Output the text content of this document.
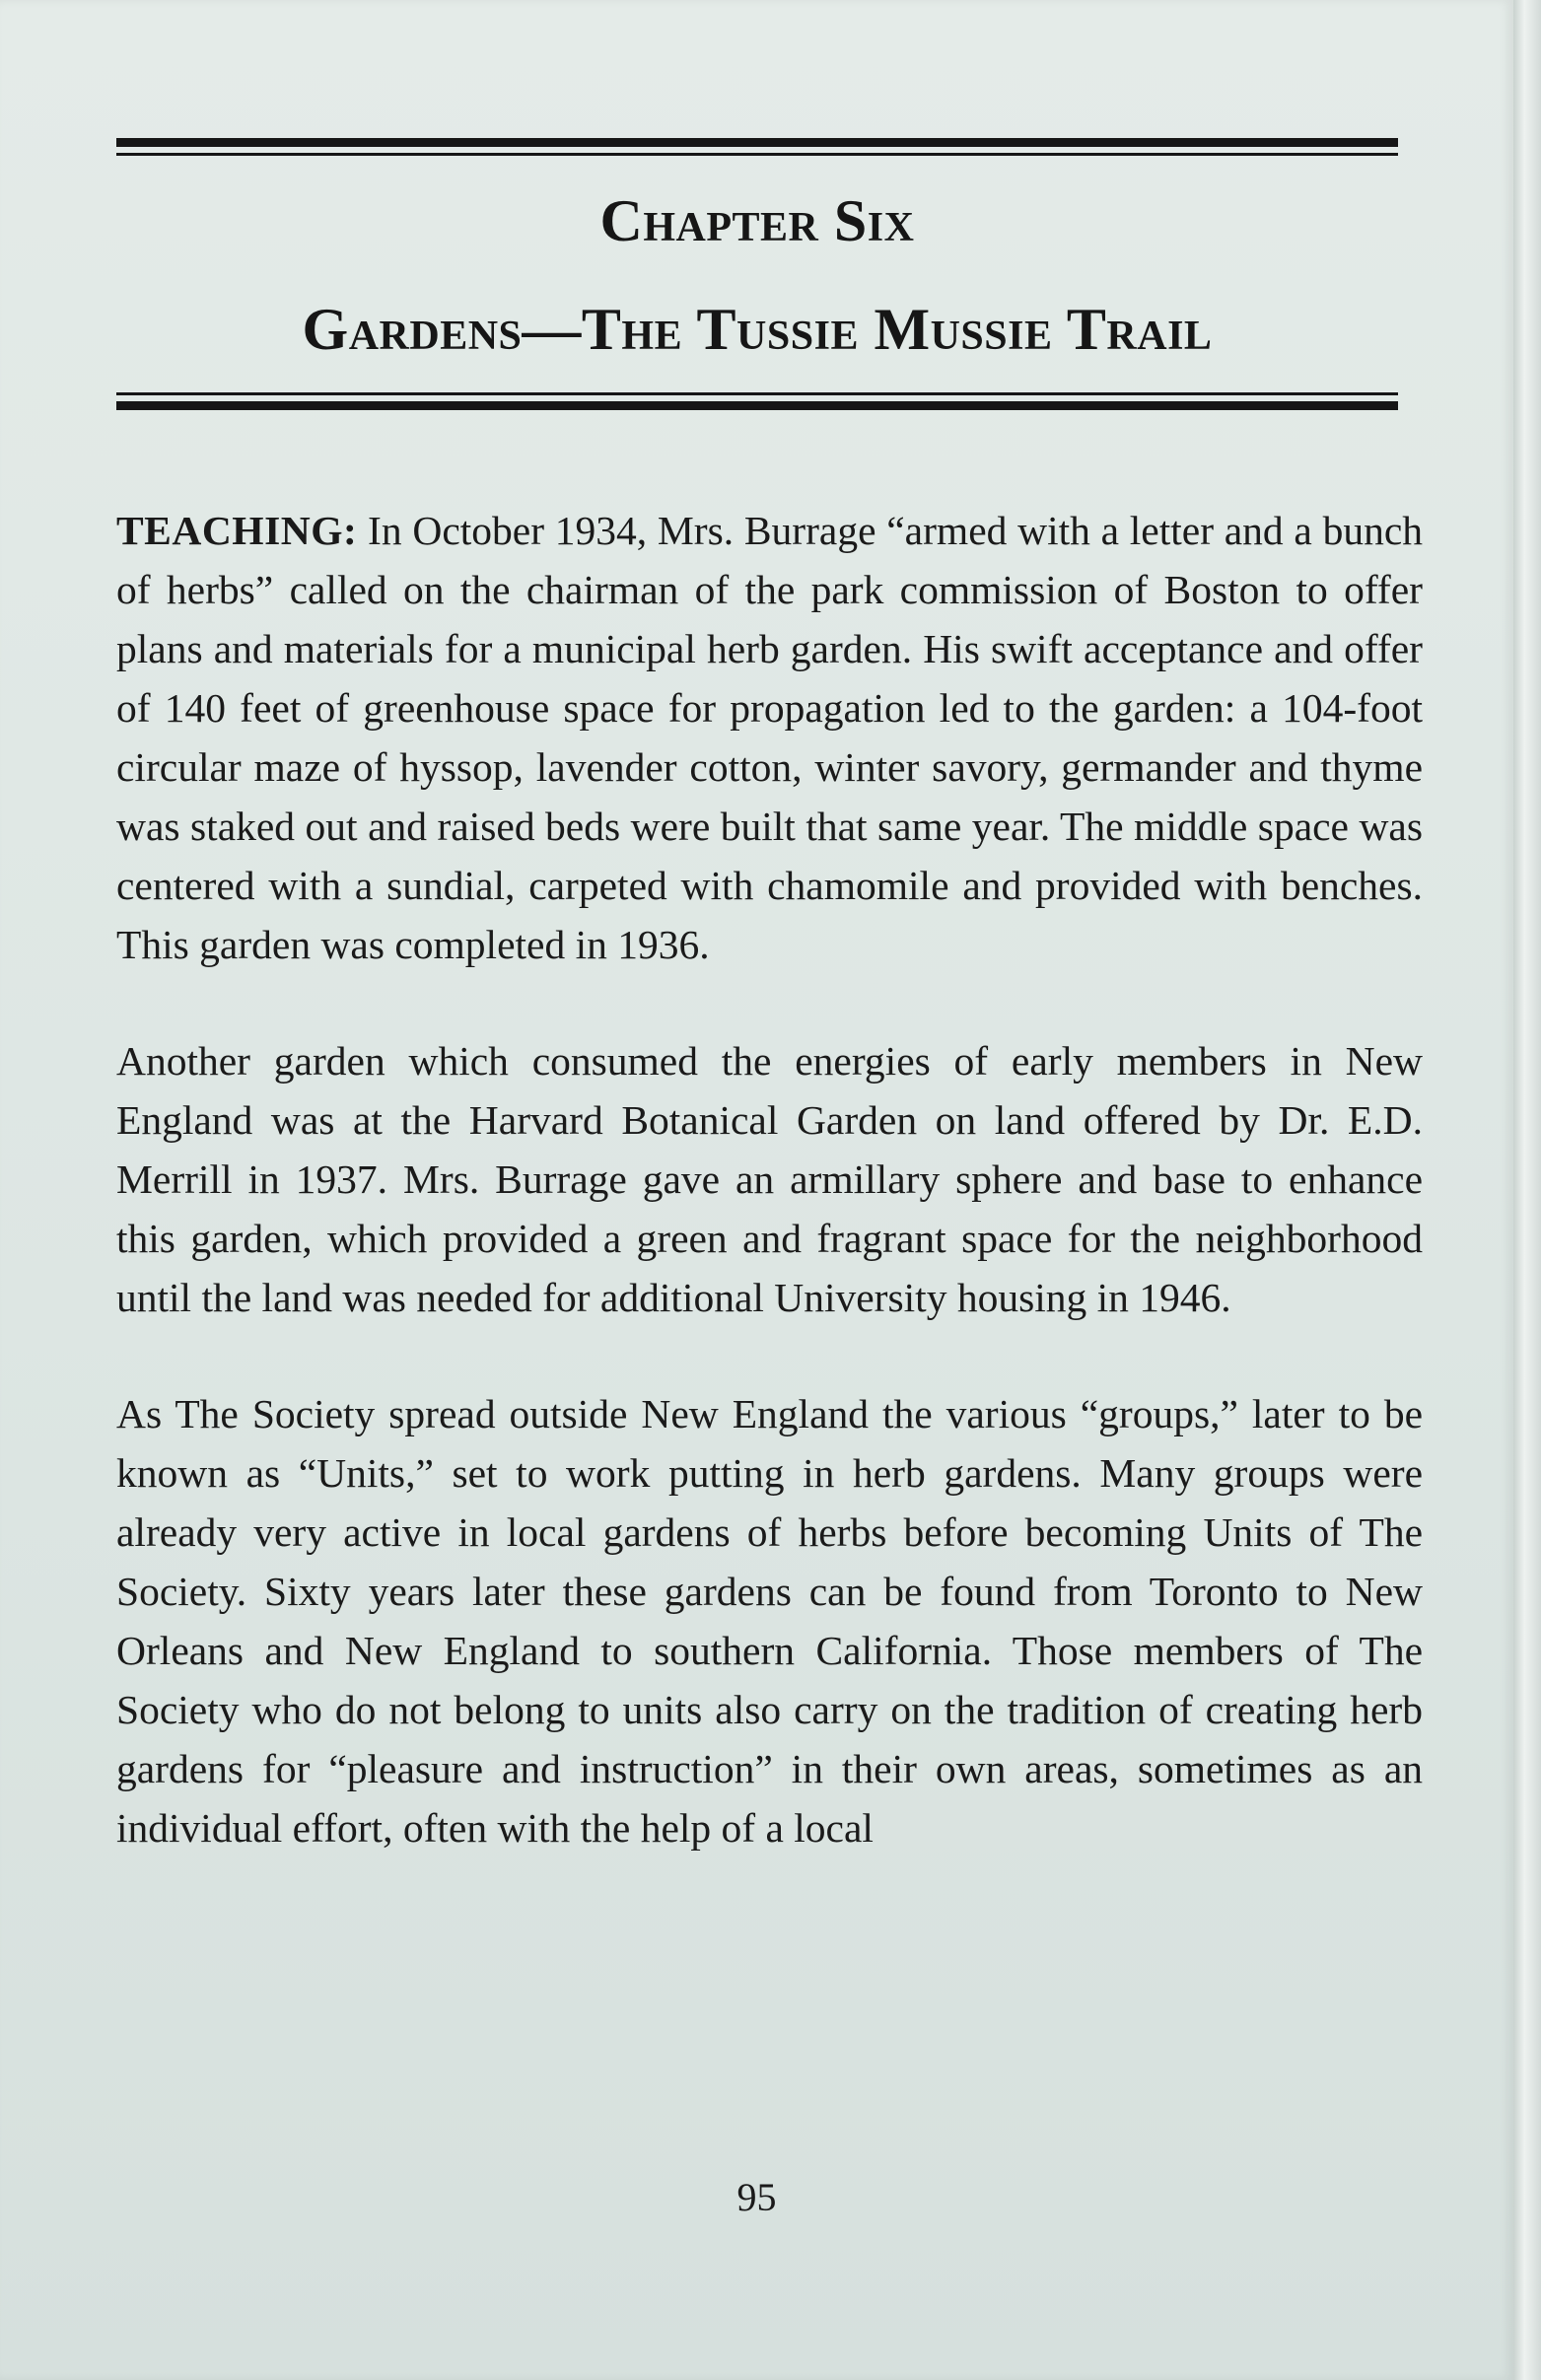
Chapter Six
Gardens—The Tussie Mussie Trail

TEACHING: In October 1934, Mrs. Burrage “armed with a letter and a bunch of herbs” called on the chairman of the park commission of Boston to offer plans and materials for a municipal herb garden. His swift acceptance and offer of 140 feet of greenhouse space for propagation led to the garden: a 104-foot circular maze of hyssop, lavender cotton, winter savory, germander and thyme was staked out and raised beds were built that same year. The middle space was centered with a sundial, carpeted with chamomile and provided with benches. This garden was completed in 1936.

Another garden which consumed the energies of early members in New England was at the Harvard Botanical Garden on land offered by Dr. E.D. Merrill in 1937. Mrs. Burrage gave an armillary sphere and base to enhance this garden, which provided a green and fragrant space for the neighborhood until the land was needed for additional University housing in 1946.

As The Society spread outside New England the various “groups,” later to be known as “Units,” set to work putting in herb gardens. Many groups were already very active in local gardens of herbs before becoming Units of The Society. Sixty years later these gardens can be found from Toronto to New Orleans and New England to southern California. Those members of The Society who do not belong to units also carry on the tradition of creating herb gardens for “pleasure and instruction” in their own areas, sometimes as an individual effort, often with the help of a local

95
